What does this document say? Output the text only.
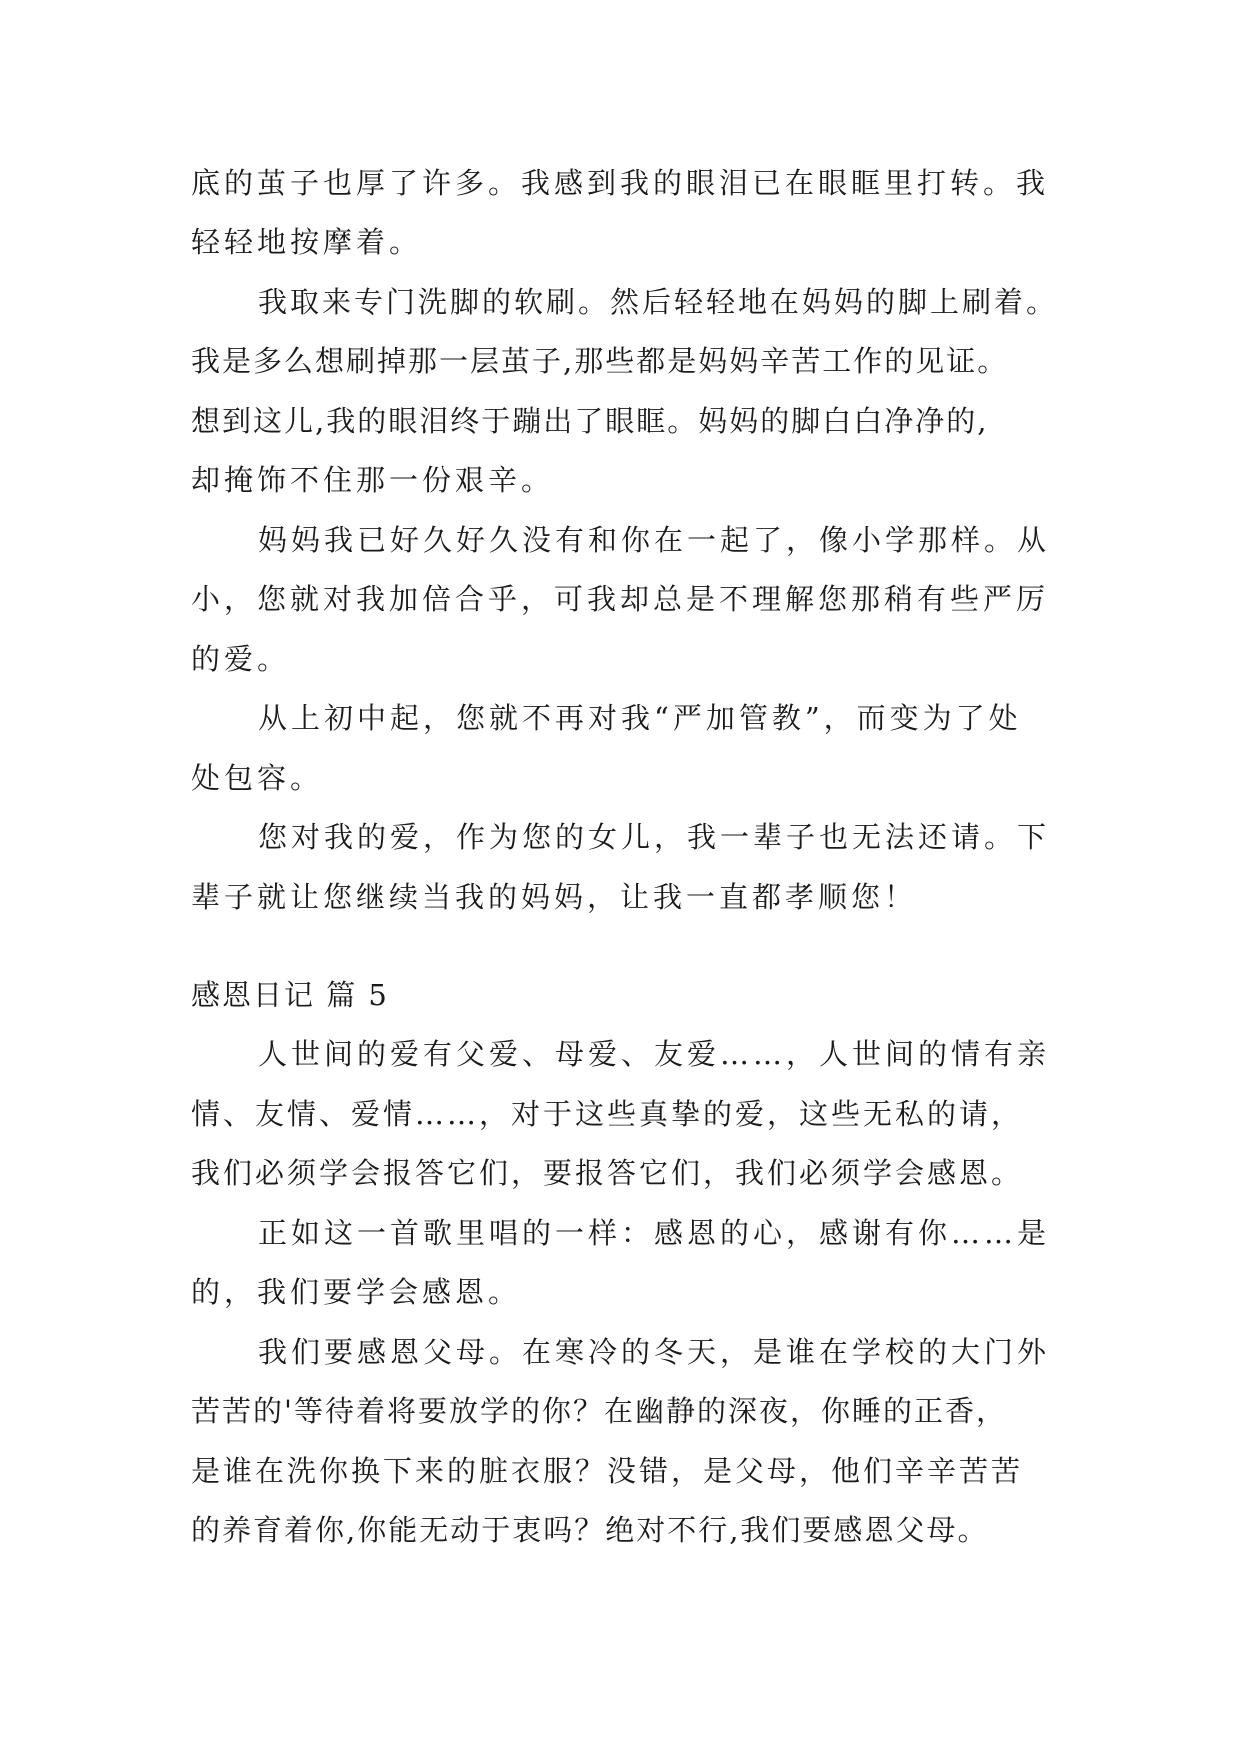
底的茧子也厚了许多。我感到我的眼泪已在眼眶里打转。我
轻轻地按摩着。
我取来专门洗脚的软刷。然后轻轻地在妈妈的脚上刷着。
我是多么想刷掉那一层茧子,那些都是妈妈辛苦工作的见证。
想到这儿,我的眼泪终于蹦出了眼眶。妈妈的脚白白净净的,
却掩饰不住那一份艰辛。
妈妈我已好久好久没有和你在一起了，像小学那样。从
小，您就对我加倍合乎，可我却总是不理解您那稍有些严厉
的爱。
从上初中起，您就不再对我“严加管教”，而变为了处
处包容。
您对我的爱，作为您的女儿，我一辈子也无法还请。下
辈子就让您继续当我的妈妈，让我一直都孝顺您！
感恩日记 篇 5
人世间的爱有父爱、母爱、友爱……，人世间的情有亲
情、友情、爱情……，对于这些真挚的爱，这些无私的请，
我们必须学会报答它们，要报答它们，我们必须学会感恩。
正如这一首歌里唱的一样：感恩的心，感谢有你……是
的，我们要学会感恩。
我们要感恩父母。在寒冷的冬天，是谁在学校的大门外
苦苦的'等待着将要放学的你？在幽静的深夜，你睡的正香，
是谁在洗你换下来的脏衣服？没错，是父母，他们辛辛苦苦
的养育着你,你能无动于衷吗？绝对不行,我们要感恩父母。
